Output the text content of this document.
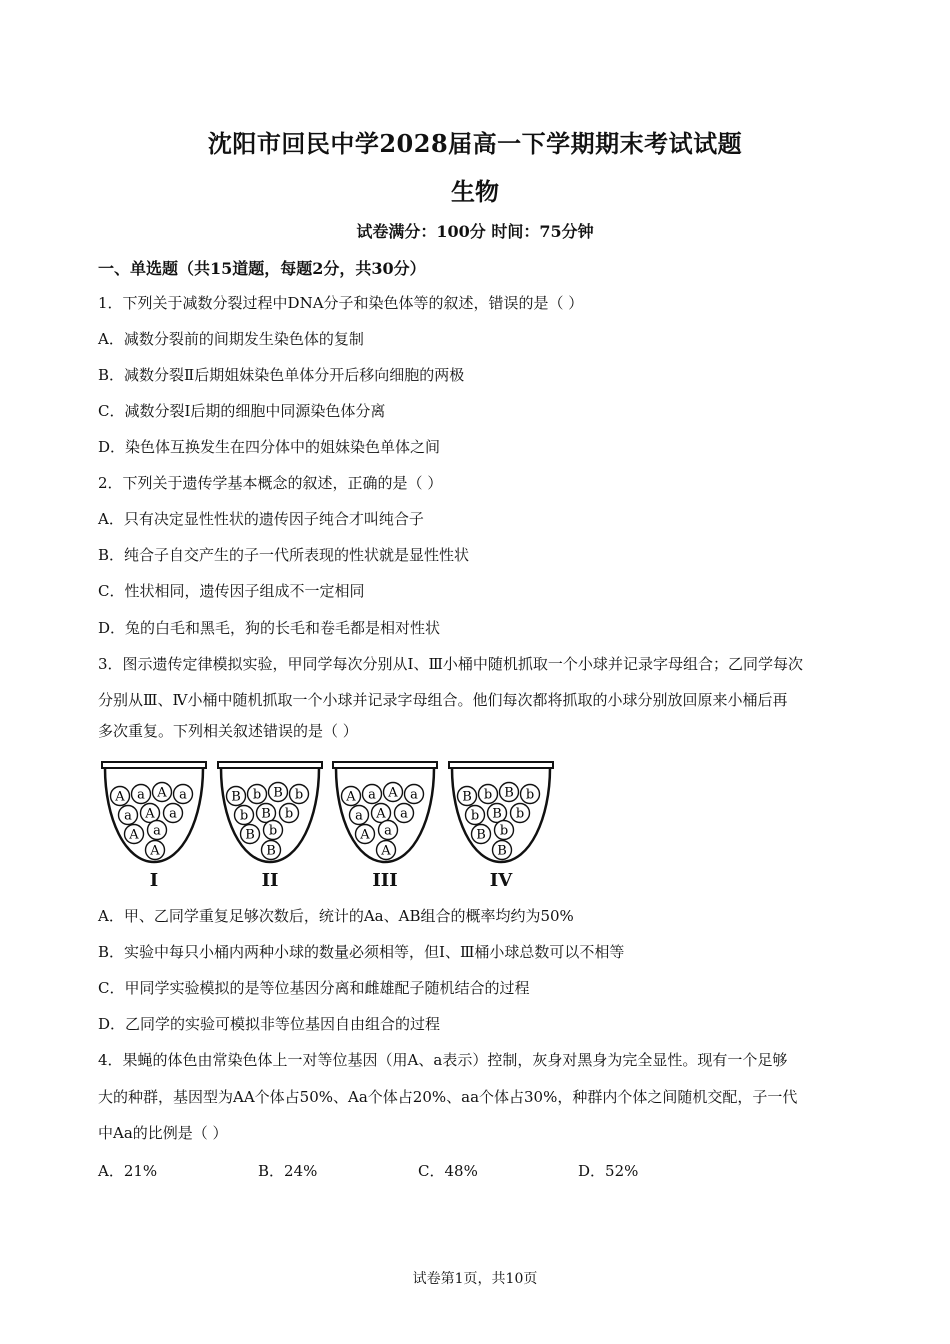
沈阳市回民中学2028届高一下学期期末考试试题
生物
试卷满分：100分 时间：75分钟
一、单选题（共15道题，每题2分，共30分）
1．下列关于减数分裂过程中DNA分子和染色体等的叙述，错误的是（ ）
A．减数分裂前的间期发生染色体的复制
B．减数分裂Ⅱ后期姐妹染色单体分开后移向细胞的两极
C．减数分裂Ⅰ后期的细胞中同源染色体分离
D．染色体互换发生在四分体中的姐妹染色单体之间
2．下列关于遗传学基本概念的叙述，正确的是（ ）
A．只有决定显性性状的遗传因子纯合才叫纯合子
B．纯合子自交产生的子一代所表现的性状就是显性性状
C．性状相同，遗传因子组成不一定相同
D．兔的白毛和黑毛，狗的长毛和卷毛都是相对性状
3．图示遗传定律模拟实验，甲同学每次分别从Ⅰ、Ⅲ小桶中随机抓取一个小球并记录字母组合；乙同学每次
分别从Ⅲ、Ⅳ小桶中随机抓取一个小球并记录字母组合。他们每次都将抓取的小球分别放回原来小桶后再
多次重复。下列相关叙述错误的是（ ）
A a A a
a A a
A a
A
I
B b B b
b B b
B b
B
II
A a A a
a A a
A a
A
III
B b B b
b B b
B b
B
IV
A．甲、乙同学重复足够次数后，统计的Aa、AB组合的概率均约为50%
B．实验中每只小桶内两种小球的数量必须相等，但Ⅰ、Ⅲ桶小球总数可以不相等
C．甲同学实验模拟的是等位基因分离和雌雄配子随机结合的过程
D．乙同学的实验可模拟非等位基因自由组合的过程
4．果蝇的体色由常染色体上一对等位基因（用A、a表示）控制，灰身对黑身为完全显性。现有一个足够
大的种群，基因型为AA个体占50%、Aa个体占20%、aa个体占30%，种群内个体之间随机交配，子一代
中Aa的比例是（ ）
A．21%	B．24%	C．48%	D．52%
试卷第1页，共10页
